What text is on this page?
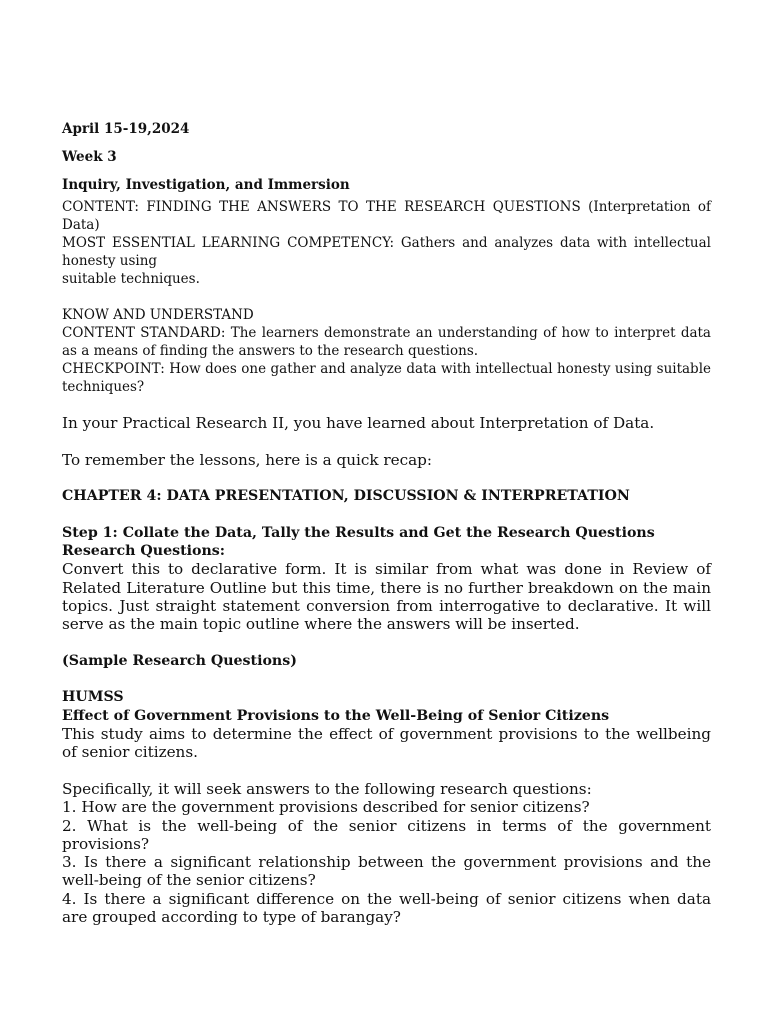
April 15-19,2024

Week 3

Inquiry, Investigation, and Immersion

CONTENT: FINDING THE ANSWERS TO THE RESEARCH QUESTIONS (Interpretation of Data)

MOST ESSENTIAL LEARNING COMPETENCY: Gathers and analyzes data with intellectual honesty using

suitable techniques.

KNOW AND UNDERSTAND

CONTENT STANDARD: The learners demonstrate an understanding of how to interpret data as a means of finding the answers to the research questions.

CHECKPOINT: How does one gather and analyze data with intellectual honesty using suitable techniques?

In your Practical Research II, you have learned about Interpretation of Data.

To remember the lessons, here is a quick recap:

CHAPTER 4: DATA PRESENTATION, DISCUSSION & INTERPRETATION

Step 1: Collate the Data, Tally the Results and Get the Research Questions

Research Questions:

Convert this to declarative form. It is similar from what was done in Review of Related Literature Outline but this time, there is no further breakdown on the main topics. Just straight statement conversion from interrogative to declarative. It will serve as the main topic outline where the answers will be inserted.

(Sample Research Questions)

HUMSS

Effect of Government Provisions to the Well-Being of Senior Citizens

This study aims to determine the effect of government provisions to the wellbeing of senior citizens.

Specifically, it will seek answers to the following research questions:

1. How are the government provisions described for senior citizens?

2. What is the well-being of the senior citizens in terms of the government provisions?

3. Is there a significant relationship between the government provisions and the well-being of the senior citizens?

4. Is there a significant difference on the well-being of senior citizens when data are grouped according to type of barangay?
